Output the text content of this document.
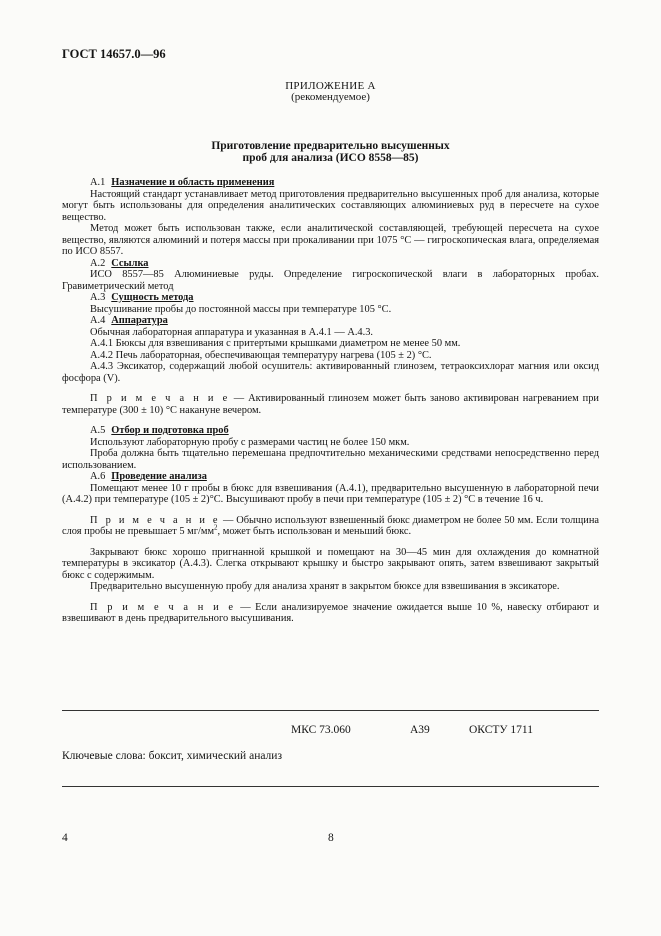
ГОСТ 14657.0—96
ПРИЛОЖЕНИЕ А
(рекомендуемое)
Приготовление предварительно высушенных
проб для анализа (ИСО 8558—85)

А.1 Назначение и область применения

Настоящий стандарт устанавливает метод приготовления предварительно высушенных проб для анализа, которые могут быть использованы для определения аналитических составляющих алюминиевых руд в пересчете на сухое вещество.

Метод может быть использован также, если аналитической составляющей, требующей пересчета на сухое вещество, являются алюминий и потеря массы при прокаливании при 1075 °С — гигроскопическая влага, определяемая по ИСО 8557.

А.2 Ссылка

ИСО 8557—85 Алюминиевые руды. Определение гигроскопической влаги в лабораторных пробах. Гравиметрический метод

А.3 Сущность метода

Высушивание пробы до постоянной массы при температуре 105 °С.

А.4 Аппаратура

Обычная лабораторная аппаратура и указанная в А.4.1 — А.4.3.

А.4.1 Бюксы для взвешивания с притертыми крышками диаметром не менее 50 мм.

А.4.2 Печь лабораторная, обеспечивающая температуру нагрева (105 ± 2) °С.

А.4.3 Эксикатор, содержащий любой осушитель: активированный глинозем, тетраоксихлорат магния или оксид фосфора (V).

П р и м е ч а н и е — Активированный глинозем может быть заново активирован нагреванием при температуре (300 ± 10) °С накануне вечером.

А.5 Отбор и подготовка проб

Используют лабораторную пробу с размерами частиц не более 150 мкм.

Проба должна быть тщательно перемешана предпочтительно механическими средствами непосредственно перед использованием.

А.6 Проведение анализа

Помещают менее 10 г пробы в бюкс для взвешивания (А.4.1), предварительно высушенную в лабораторной печи (А.4.2) при температуре (105 ± 2)°С. Высушивают пробу в печи при температуре (105 ± 2) °С в течение 16 ч.

П р и м е ч а н и е — Обычно используют взвешенный бюкс диаметром не более 50 мм. Если толщина слоя пробы не превышает 5 $мг/мм^2$, может быть использован и меньший бюкс.

Закрывают бюкс хорошо пригнанной крышкой и помещают на 30—45 мин для охлаждения до комнатной температуры в эксикатор (А.4.3). Слегка открывают крышку и быстро закрывают опять, затем взвешивают закрытый бюкс с содержимым.

Предварительно высушенную пробу для анализа хранят в закрытом бюксе для взвешивания в эксикаторе.

П р и м е ч а н и е — Если анализируемое значение ожидается выше 10 %, навеску отбирают и взвешивают в день предварительного высушивания.

МКС 73.060	А39	ОКСТУ 1711
Ключевые слова: боксит, химический анализ
4	8
